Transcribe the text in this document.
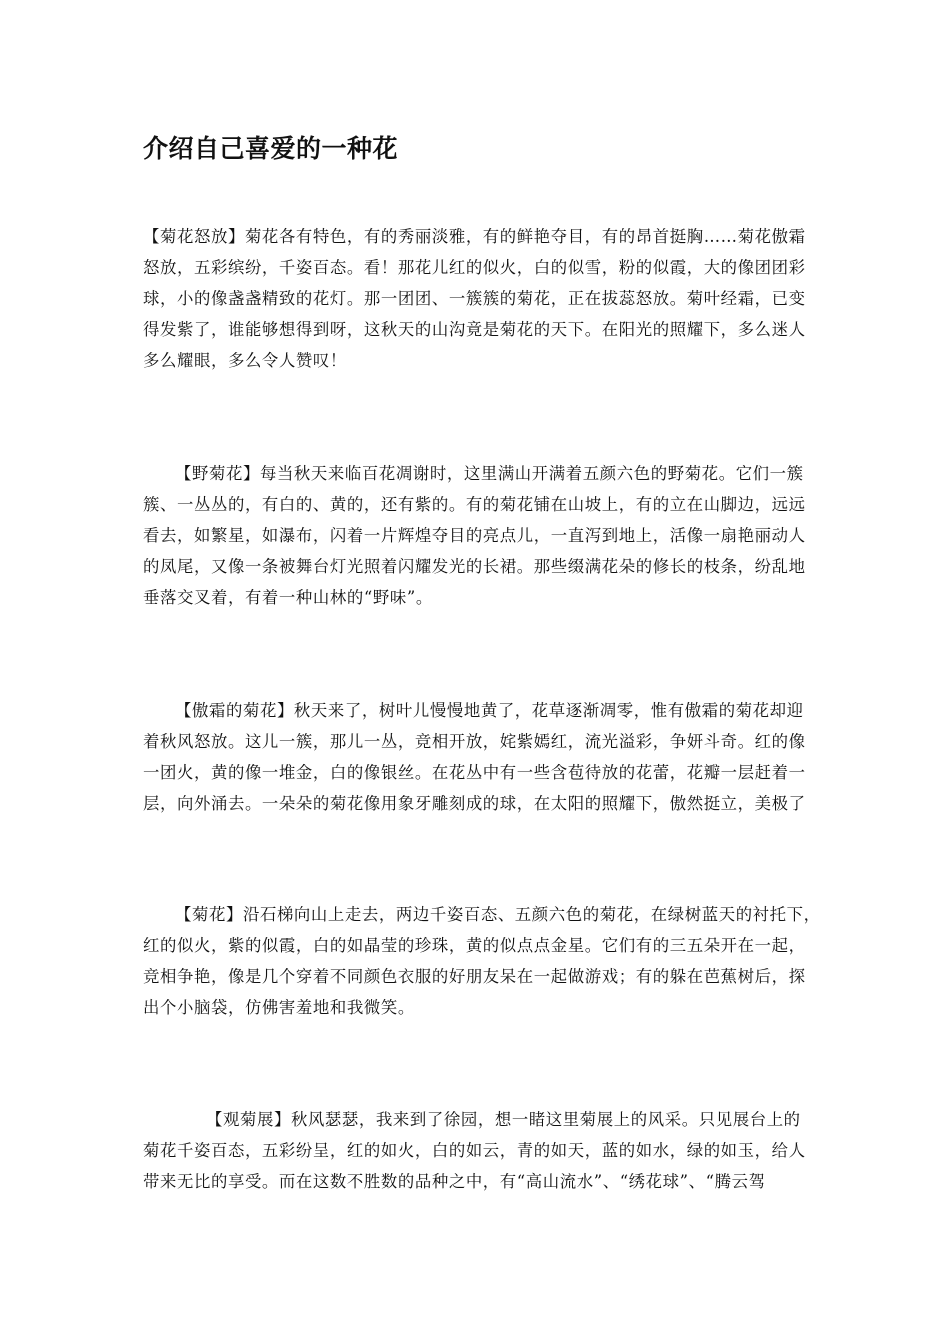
介绍自己喜爱的一种花
【菊花怒放】菊花各有特色，有的秀丽淡雅，有的鲜艳夺目，有的昂首挺胸……菊花傲霜
怒放，五彩缤纷，千姿百态。看！那花儿红的似火，白的似雪，粉的似霞，大的像团团彩
球，小的像盏盏精致的花灯。那一团团、一簇簇的菊花，正在拔蕊怒放。菊叶经霜，已变
得发紫了，谁能够想得到呀，这秋天的山沟竟是菊花的天下。在阳光的照耀下，多么迷人
多么耀眼，多么令人赞叹！
【野菊花】每当秋天来临百花凋谢时，这里满山开满着五颜六色的野菊花。它们一簇
簇、一丛丛的，有白的、黄的，还有紫的。有的菊花铺在山坡上，有的立在山脚边，远远
看去，如繁星，如瀑布，闪着一片辉煌夺目的亮点儿，一直泻到地上，活像一扇艳丽动人
的凤尾，又像一条被舞台灯光照着闪耀发光的长裙。那些缀满花朵的修长的枝条，纷乱地
垂落交叉着，有着一种山林的“野味”。
【傲霜的菊花】秋天来了，树叶儿慢慢地黄了，花草逐渐凋零，惟有傲霜的菊花却迎
着秋风怒放。这儿一簇，那儿一丛，竞相开放，姹紫嫣红，流光溢彩，争妍斗奇。红的像
一团火，黄的像一堆金，白的像银丝。在花丛中有一些含苞待放的花蕾，花瓣一层赶着一
层，向外涌去。一朵朵的菊花像用象牙雕刻成的球，在太阳的照耀下，傲然挺立，美极了
【菊花】沿石梯向山上走去，两边千姿百态、五颜六色的菊花，在绿树蓝天的衬托下，
红的似火，紫的似霞，白的如晶莹的珍珠，黄的似点点金星。它们有的三五朵开在一起，
竞相争艳，像是几个穿着不同颜色衣服的好朋友呆在一起做游戏；有的躲在芭蕉树后，探
出个小脑袋，仿佛害羞地和我微笑。
【观菊展】秋风瑟瑟，我来到了徐园，想一睹这里菊展上的风采。只见展台上的
菊花千姿百态，五彩纷呈，红的如火，白的如云，青的如天，蓝的如水，绿的如玉，给人
带来无比的享受。而在这数不胜数的品种之中，有“高山流水”、“绣花球”、“腾云驾
